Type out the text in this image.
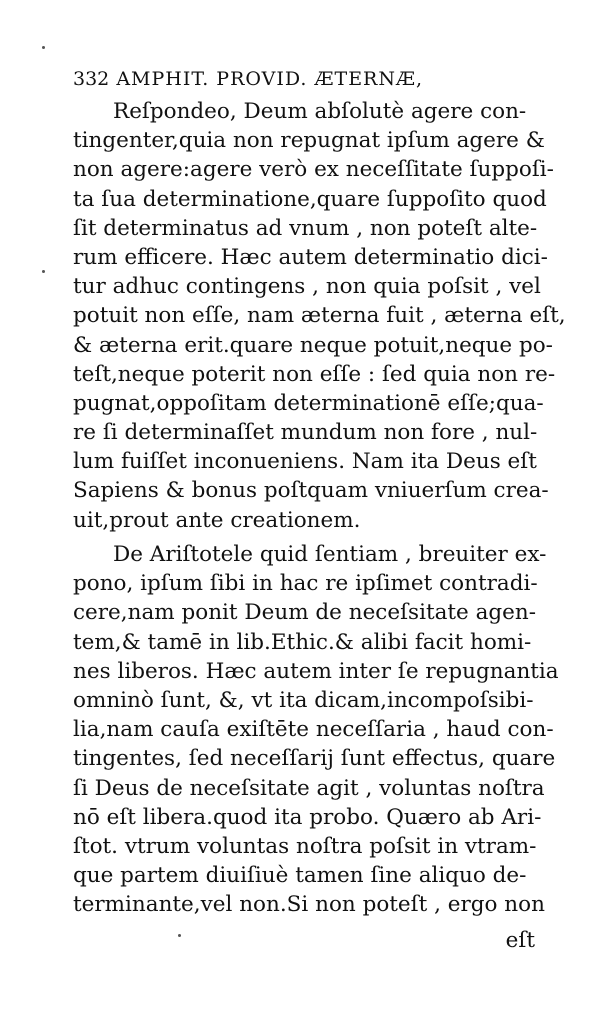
332 AMPHIT. PROVID. ÆTERNÆ,
Reſpondeo, Deum abſolutè agere con-
tingenter,quia non repugnat ipſum agere &
non agere:agere verò ex neceſſitate ſuppoſi-
ta ſua determinatione,quare ſuppoſito quod
ſit determinatus ad vnum , non poteſt alte-
rum efficere. Hæc autem determinatio dici-
tur adhuc contingens , non quia poſsit , vel
potuit non eſſe, nam æterna fuit , æterna eſt,
& æterna erit.quare neque potuit,neque po-
teſt,neque poterit non eſſe : ſed quia non re-
pugnat,oppoſitam determinationē eſſe;qua-
re ſi determinaſſet mundum non fore , nul-
lum fuiſſet inconueniens. Nam ita Deus eſt
Sapiens & bonus poſtquam vniuerſum crea-
uit,prout ante creationem.
De Ariſtotele quid ſentiam , breuiter ex-
pono, ipſum ſibi in hac re ipſimet contradi-
cere,nam ponit Deum de neceſsitate agen-
tem,& tamē in lib.Ethic.& alibi facit homi-
nes liberos. Hæc autem inter ſe repugnantia
omninò ſunt, &, vt ita dicam,incompoſsibi-
lia,nam cauſa exiſtēte neceſſaria , haud con-
tingentes, ſed neceſſarij ſunt effectus, quare
ſi Deus de neceſsitate agit , voluntas noſtra
nō eſt libera.quod ita probo. Quæro ab Ari-
ſtot. vtrum voluntas noſtra poſsit in vtram-
que partem diuiſiuè tamen ſine aliquo de-
terminante,vel non.Si non poteſt , ergo non
eſt
